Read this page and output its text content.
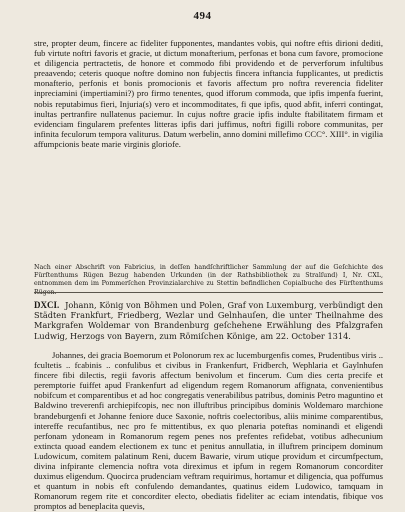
494

stre, propter deum, fincere ac fideliter fupponentes, mandantes vobis, qui noftre eftis dirioni dediti, fub virtute noftri favoris et gracie, ut dictum monafterium, perfonas et bona cum favore, promocione et diligencia pertractetis, de honore et commodo fibi providendo et de perverforum infultibus preaavendo; ceteris quoque noftre domino non fubjectis fincera inftancia fupplicantes, ut predictis monafterio, perfonis et bonis promocionis et favoris affectum pro noftra reverencia fideliter inpreciamini (impertiamini?) pro firmo tenentes, quod ifforum commoda, que ipfis impenfa fuerint, nobis reputabimus fieri, Injuria(s) vero et incommoditates, fi que ipfis, quod abfit, inferri contingat, inultas pertranfire nullatenus paciemur. In cujus noftre gracie ipfis indulte ftabilitatem firmam et evidenciam fingularem prefentes litteras ipfis dari juffimus, noftri figilli robore communitas, per infinita feculorum tempora valiturus. Datum werbelin, anno domini millefimo CCC°. XIII°. in vigilia affumpcionis beate marie virginis gloriofe.

Nach einer Abschrift von Fabricius, in deſſen handſchriftlicher Sammlung der auf die Geſchichte des Fürſtenthums Rügen Bezug habenden Urkunden (in der Rathsbibliothek zu Stralſund) I, Nr. CXL, entnommen dem im Pommerſchen Provinzialarchive zu Stettin befindlichen Copialbuche des Fürſtenthums Rügen.
DXCI. Johann, König von Böhmen und Polen, Graf von Luxemburg, verbündigt den Städten Frankfurt, Friedberg, Wezlar und Gelnhauſen, die unter Theilnahme des Markgrafen Woldemar von Brandenburg geſchehene Erwählung des Pfalzgrafen Ludwig, Herzogs von Bayern, zum Römiſchen Könige, am 22. October 1314.

Johannes, dei gracia Boemorum et Polonorum rex ac lucemburgenfis comes, Prudentibus viris .. fcultetis .. fcabinis .. confulibus et civibus in Frankenfurt, Fridberch, Wephlaria et Gaylnhufen fincere fibi dilectis, regii favoris affectum benivolum et fincerum. Cum dies certa precife et peremptorie fuiffet apud Frankenfurt ad eligendum regem Romanorum affignata, convenientibus nobifcum et comparentibus et ad hoc congregatis venerabilibus patribus, dominis Petro maguntino et Baldwino treverenfi archiepifcopis, nec non illuftribus principibus dominis Woldemaro marchione brandeburgenfi et Johanne feniore duce Saxonie, noftris coelectoribus, aliis minime comparentibus, intereffe recufantibus, nec pro fe mittentibus, ex quo plenaria poteftas nominandi et eligendi perfonam ydoneam in Romanorum regem penes nos prefentes refidebat, votibus adhecunium extincta quoad eandem electionem ex tunc et penitus annullatia, in illuftrem principem dominum Ludowicum, comitem palatinum Reni, ducem Bawarie, virum utique providum et circumfpectum, divina infpirante clemencia noftra vota direximus et ipfum in regem Romanorum concorditer duximus eligendum. Quocirca prudenciam veftram requirimus, hortamur et diligencia, qua poffumus et quantum in nobis eft confulendo demandantes, quatinus eidem Ludowico, tamquam in Romanorum regem rite et concorditer electo, obediatis fideliter ac eciam intendatis, fibique vos promptos ad beneplacita quevis,
